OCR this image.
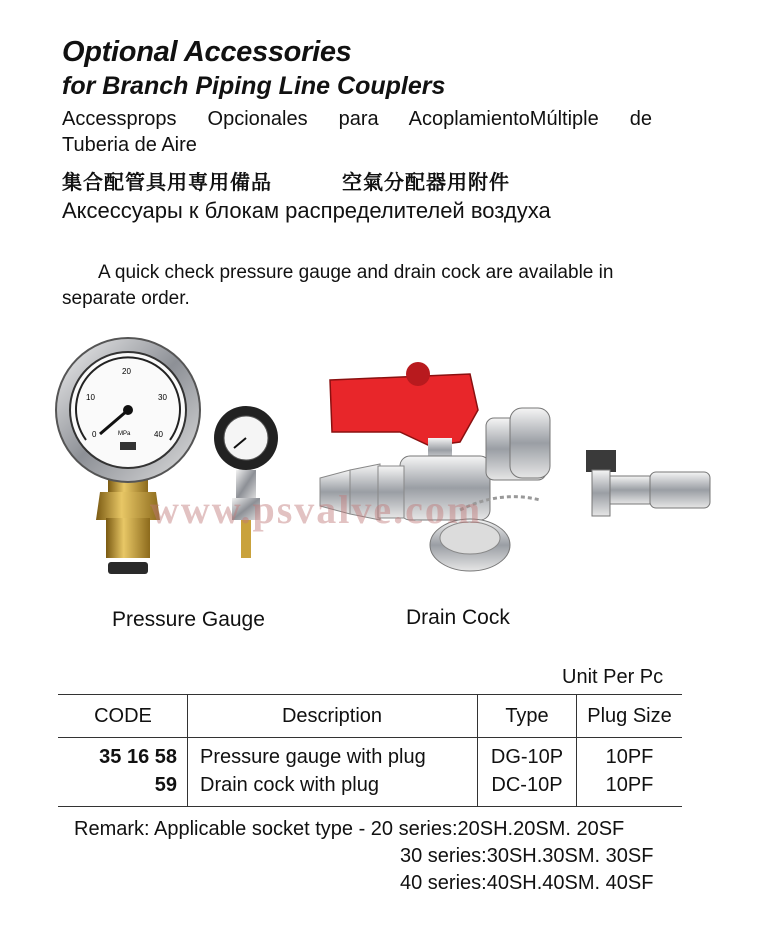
Optional Accessories
for Branch Piping Line Couplers
Accessprops Opcionales para AcoplamientoMúltiple de
Tuberia de Aire
集合配管具用専用備品	空氣分配器用附件
Аксессуары к блокам распределителей воздуха
A quick check pressure gauge and drain cock are available in separate order.
0
10
20
30
40
MPa
www.psvalve.com
Pressure Gauge	Drain Cock
Unit Per Pc
CODE	Description	Type	Plug Size
35 16 58	Pressure gauge with plug	DG-10P	10PF
59	Drain cock with plug	DC-10P	10PF
Remark: Applicable socket type - 20 series:20SH.20SM. 20SF
30 series:30SH.30SM. 30SF
40 series:40SH.40SM. 40SF
